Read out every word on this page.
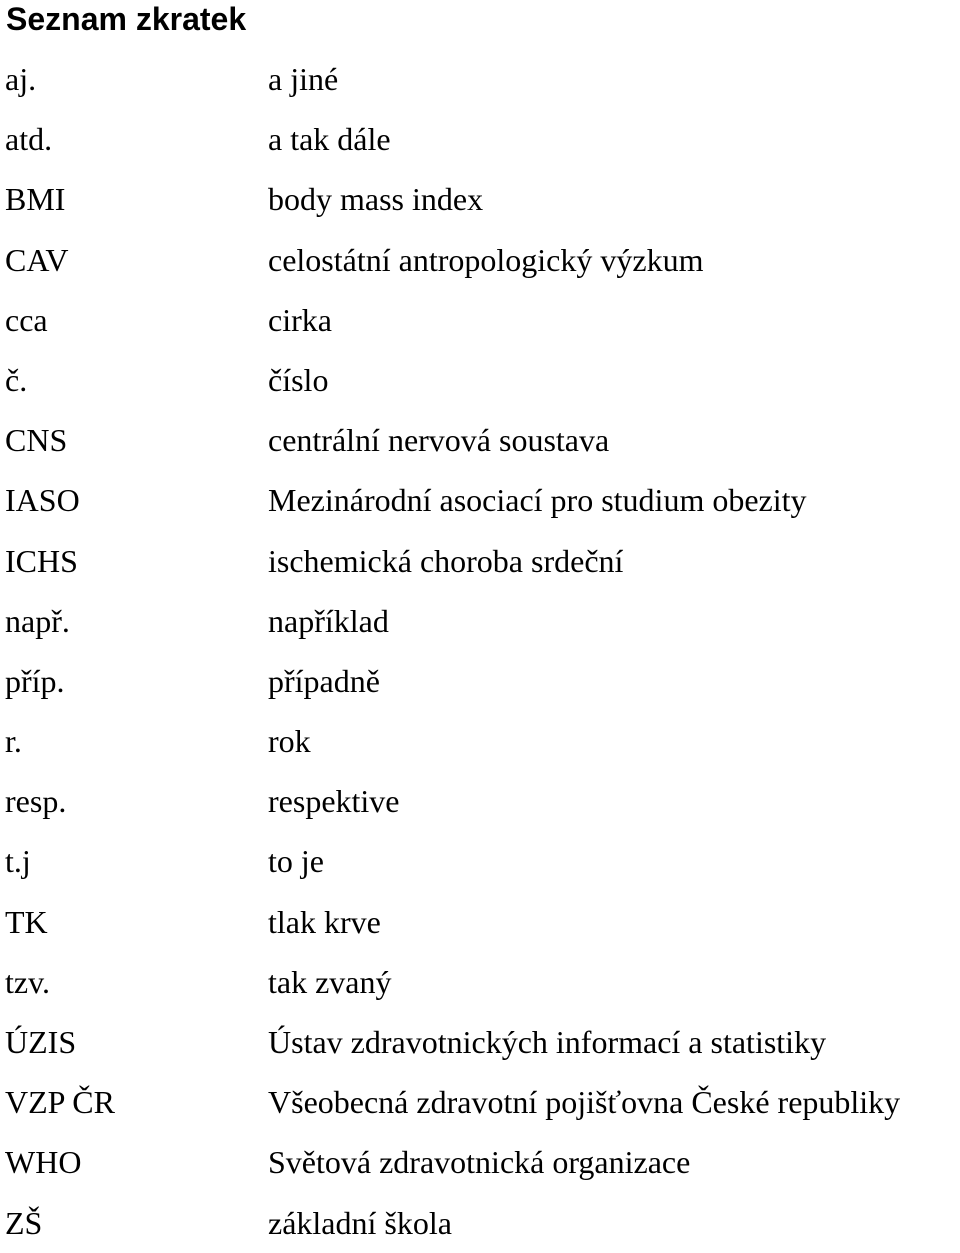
Seznam zkratek
aj.	a jiné
atd.	a tak dále
BMI	body mass index
CAV	celostátní antropologický výzkum
cca	cirka
č.	číslo
CNS	centrální nervová soustava
IASO	Mezinárodní asociací pro studium obezity
ICHS	ischemická choroba srdeční
např.	například
příp.	případně
r.	rok
resp.	respektive
t.j	to je
TK	tlak krve
tzv.	tak zvaný
ÚZIS	Ústav zdravotnických informací a statistiky
VZP ČR	Všeobecná zdravotní pojišťovna České republiky
WHO	Světová zdravotnická organizace
ZŠ	základní škola
